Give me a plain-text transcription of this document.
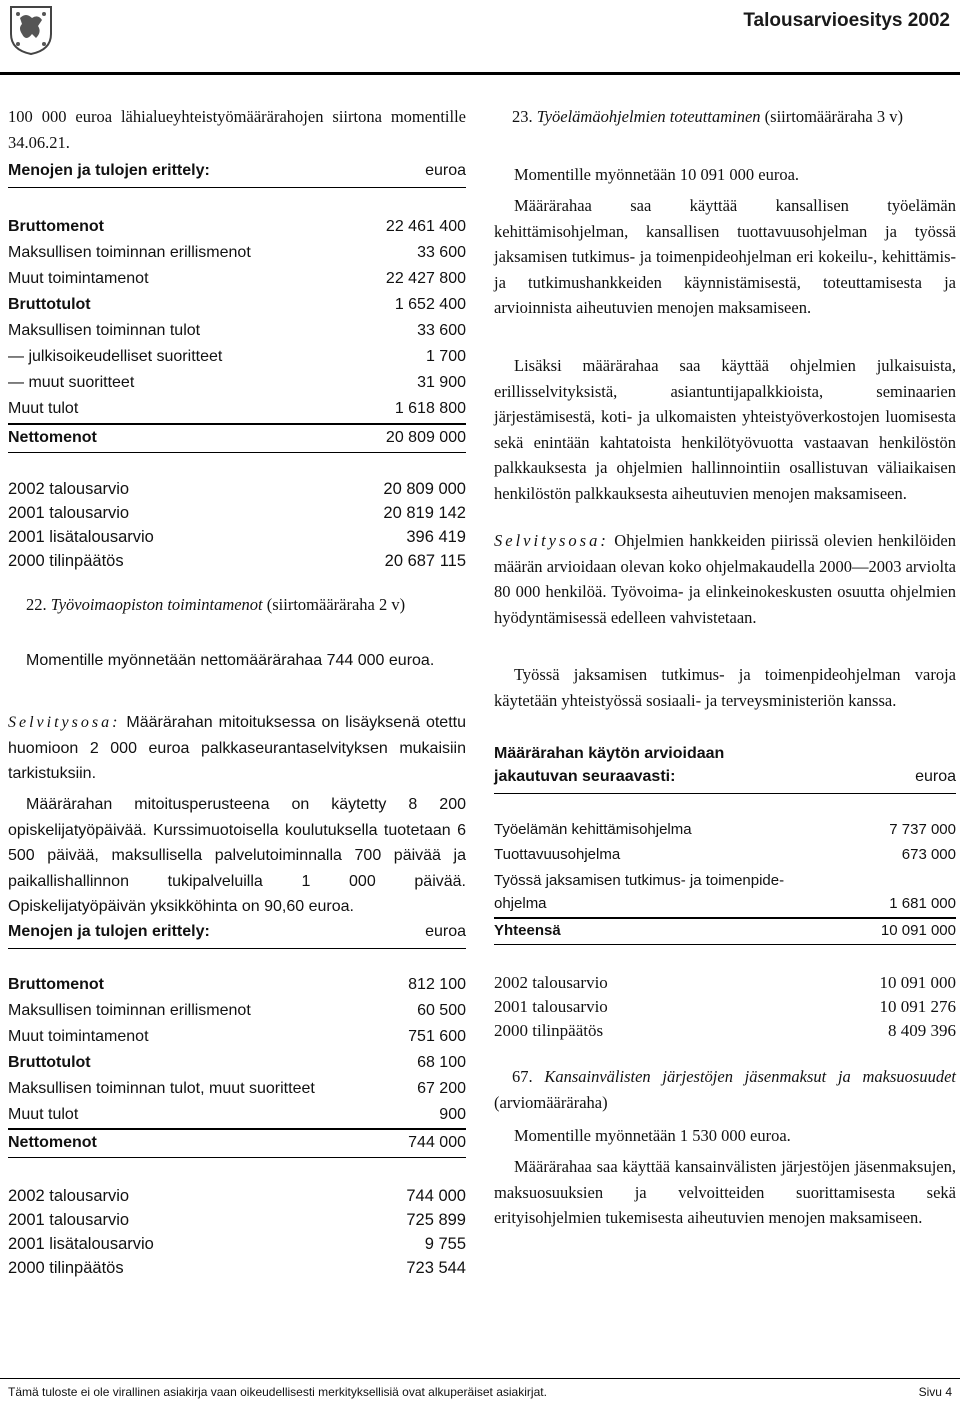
Talousarvioesitys 2002

100 000 euroa lähialueyhteistyömäärärahojen siirtona momentille 34.06.21.

Menojen ja tulojen erittely:	euroa
Bruttomenot	22 461 400
Maksullisen toiminnan erillismenot	33 600
Muut toimintamenot	22 427 800
Bruttotulot	1 652 400
Maksullisen toiminnan tulot	33 600
— julkisoikeudelliset suoritteet	1 700
— muut suoritteet	31 900
Muut tulot	1 618 800
Nettomenot	20 809 000
2002 talousarvio	20 809 000
2001 talousarvio	20 819 142
2001 lisätalousarvio	396 419
2000 tilinpäätös	20 687 115

22. Työvoimaopiston toimintamenot (siirtomääräraha 2 v)

Momentille myönnetään nettomäärärahaa 744 000 euroa.

Selvitysosa: Määrärahan mitoituksessa on lisäyksenä otettu huomioon 2 000 euroa palkkaseurantaselvityksen mukaisiin tarkistuksiin.

Määrärahan mitoitusperusteena on käytetty 8 200 opiskelijatyöpäivää. Kurssimuotoisella koulutuksella tuotetaan 6 500 päivää, maksullisella palvelutoiminnalla 700 päivää ja paikallishallinnon tukipalveluilla 1 000 päivää. Opiskelijatyöpäivän yksikköhinta on 90,60 euroa.

Menojen ja tulojen erittely:	euroa
Bruttomenot	812 100
Maksullisen toiminnan erillismenot	60 500
Muut toimintamenot	751 600
Bruttotulot	68 100
Maksullisen toiminnan tulot, muut suoritteet	67 200
Muut tulot	900
Nettomenot	744 000
2002 talousarvio	744 000
2001 talousarvio	725 899
2001 lisätalousarvio	9 755
2000 tilinpäätös	723 544

23. Työelämäohjelmien toteuttaminen (siirtomääräraha 3 v)

Momentille myönnetään 10 091 000 euroa.

Määrärahaa saa käyttää kansallisen työelämän kehittämisohjelman, kansallisen tuottavuusohjelman ja työssä jaksamisen tutkimus- ja toimenpideohjelman eri kokeilu-, kehittämis- ja tutkimushankkeiden käynnistämisestä, toteuttamisesta ja arvioinnista aiheutuvien menojen maksamiseen.

Lisäksi määrärahaa saa käyttää ohjelmien julkaisuista, erillisselvityksistä, asiantuntijapalkkioista, seminaarien järjestämisestä, koti- ja ulkomaisten yhteistyöverkostojen luomisesta sekä enintään kahtatoista henkilötyövuotta vastaavan henkilöstön palkkauksesta ja ohjelmien hallinnointiin osallistuvan väliaikaisen henkilöstön palkkauksesta aiheutuvien menojen maksamiseen.

Selvitysosa: Ohjelmien hankkeiden piirissä olevien henkilöiden määrän arvioidaan olevan koko ohjelmakaudella 2000—2003 arviolta 80 000 henkilöä. Työvoima- ja elinkeinokeskusten osuutta ohjelmien hyödyntämisessä edelleen vahvistetaan.

Työssä jaksamisen tutkimus- ja toimenpideohjelman varoja käytetään yhteistyössä sosiaali- ja terveysministeriön kanssa.

Määrärahan käytön arvioidaan
jakautuvan seuraavasti:	euroa
Työelämän kehittämisohjelma	7 737 000
Tuottavuusohjelma	673 000
Työssä jaksamisen tutkimus- ja toimenpide-
ohjelma	1 681 000
Yhteensä	10 091 000
2002 talousarvio	10 091 000
2001 talousarvio	10 091 276
2000 tilinpäätös	8 409 396

67. Kansainvälisten järjestöjen jäsenmaksut ja maksuosuudet (arviomääräraha)

Momentille myönnetään 1 530 000 euroa.

Määrärahaa saa käyttää kansainvälisten järjestöjen jäsenmaksujen, maksuosuuksien ja velvoitteiden suorittamisesta sekä erityisohjelmien tukemisesta aiheutuvien menojen maksamiseen.

Tämä tuloste ei ole virallinen asiakirja vaan oikeudellisesti merkityksellisiä ovat alkuperäiset asiakirjat.	Sivu 4
